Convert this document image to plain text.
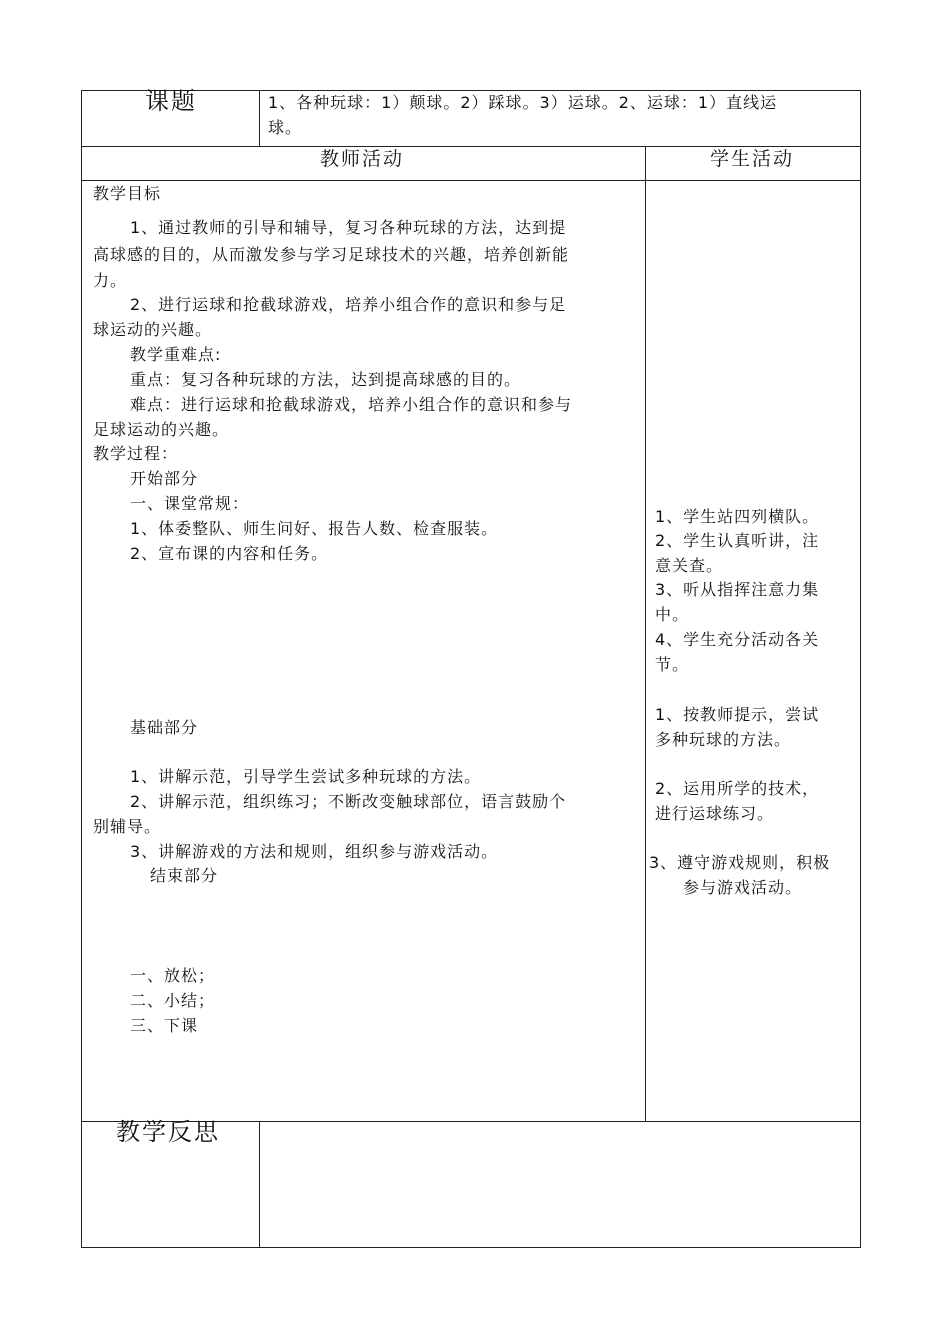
课题	1、各种玩球：1）颠球。2）踩球。3）运球。2、运球：1）直线运
球。
教师活动	学生活动
教学目标
1、通过教师的引导和辅导，复习各种玩球的方法，达到提
高球感的目的，从而激发参与学习足球技术的兴趣，培养创新能
力。
2、进行运球和抢截球游戏，培养小组合作的意识和参与足
球运动的兴趣。
教学重难点:
重点：复习各种玩球的方法，达到提高球感的目的。
难点：进行运球和抢截球游戏，培养小组合作的意识和参与
足球运动的兴趣。
教学过程：
开始部分
一、课堂常规：
1、体委整队、师生问好、报告人数、检查服装。
2、宣布课的内容和任务。
基础部分
1、讲解示范，引导学生尝试多种玩球的方法。
2、讲解示范，组织练习；不断改变触球部位，语言鼓励个
别辅导。
3、讲解游戏的方法和规则，组织参与游戏活动。
结束部分
一、放松；
二、小结；
三、下课
1、学生站四列横队。
2、学生认真听讲，注
意关查。
3、听从指挥注意力集
中。
4、学生充分活动各关
节。
1、按教师提示，尝试
多种玩球的方法。
2、运用所学的技术，
进行运球练习。
3、遵守游戏规则，积极
参与游戏活动。
教学反思
